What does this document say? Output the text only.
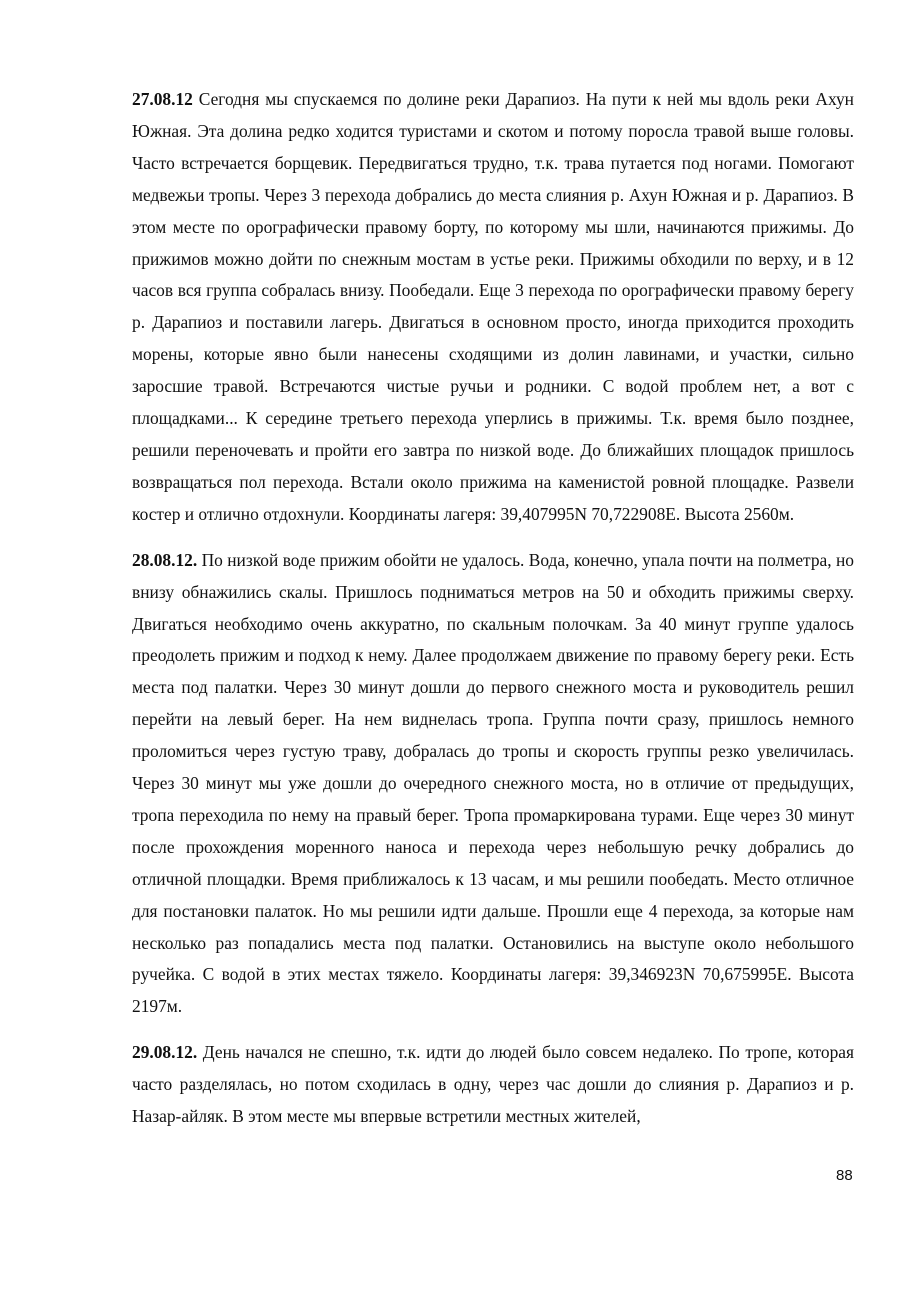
27.08.12 Сегодня мы спускаемся по долине реки Дарапиоз. На пути к ней мы вдоль реки Ахун Южная. Эта долина редко ходится туристами и скотом и потому поросла травой выше головы. Часто встречается борщевик. Передвигаться трудно, т.к. трава путается под ногами. Помогают медвежьи тропы. Через 3 перехода добрались до места слияния р. Ахун Южная и р. Дарапиоз. В этом месте по орографически правому борту, по которому мы шли, начинаются прижимы. До прижимов можно дойти по снежным мостам в устье реки. Прижимы обходили по верху, и в 12 часов вся группа собралась внизу. Пообедали. Еще 3 перехода по орографически правому берегу р. Дарапиоз и поставили лагерь. Двигаться в основном просто, иногда приходится проходить морены, которые явно были нанесены сходящими из долин лавинами, и участки, сильно заросшие травой. Встречаются чистые ручьи и родники. С водой проблем нет, а вот с площадками... К середине третьего перехода уперлись в прижимы. Т.к. время было позднее, решили переночевать и пройти его завтра по низкой воде. До ближайших площадок пришлось возвращаться пол перехода. Встали около прижима на каменистой ровной площадке. Развели костер и отлично отдохнули. Координаты лагеря: 39,407995N 70,722908E. Высота 2560м.

28.08.12. По низкой воде прижим обойти не удалось. Вода, конечно, упала почти на полметра, но внизу обнажились скалы. Пришлось подниматься метров на 50 и обходить прижимы сверху. Двигаться необходимо очень аккуратно, по скальным полочкам. За 40 минут группе удалось преодолеть прижим и подход к нему. Далее продолжаем движение по правому берегу реки. Есть места под палатки. Через 30 минут дошли до первого снежного моста и руководитель решил перейти на левый берег. На нем виднелась тропа. Группа почти сразу, пришлось немного проломиться через густую траву, добралась до тропы и скорость группы резко увеличилась. Через 30 минут мы уже дошли до очередного снежного моста, но в отличие от предыдущих, тропа переходила по нему на правый берег. Тропа промаркирована турами. Еще через 30 минут после прохождения моренного наноса и перехода через небольшую речку добрались до отличной площадки. Время приближалось к 13 часам, и мы решили пообедать. Место отличное для постановки палаток. Но мы решили идти дальше. Прошли еще 4 перехода, за которые нам несколько раз попадались места под палатки. Остановились на выступе около небольшого ручейка. С водой в этих местах тяжело. Координаты лагеря: 39,346923N 70,675995E. Высота 2197м.

29.08.12. День начался не спешно, т.к. идти до людей было совсем недалеко. По тропе, которая часто разделялась, но потом сходилась в одну, через час дошли до слияния р. Дарапиоз и р. Назар-айляк. В этом месте мы впервые встретили местных жителей,

88
